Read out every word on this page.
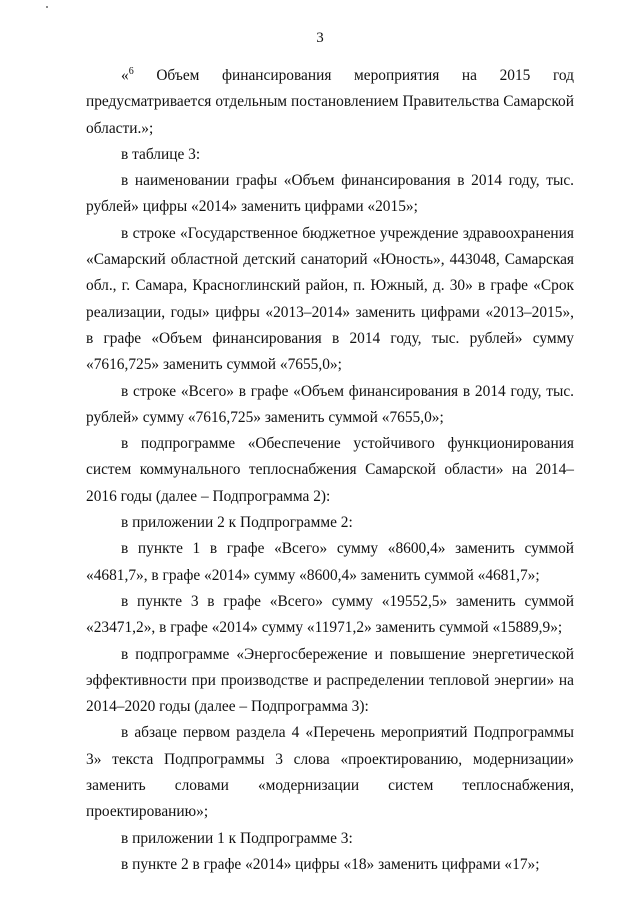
3

«$^6$ Объем финансирования мероприятия на 2015 год предусматривается отдельным постановлением Правительства Самарской области.»;

в таблице 3:

в наименовании графы «Объем финансирования в 2014 году, тыс. рублей» цифры «2014» заменить цифрами «2015»;

в строке «Государственное бюджетное учреждение здравоохранения «Самарский областной детский санаторий «Юность», 443048, Самарская обл., г. Самара, Красноглинский район, п. Южный, д. 30» в графе «Срок реализации, годы» цифры «2013–2014» заменить цифрами «2013–2015», в графе «Объем финансирования в 2014 году, тыс. рублей» сумму «7616,725» заменить суммой «7655,0»;

в строке «Всего» в графе «Объем финансирования в 2014 году, тыс. рублей» сумму «7616,725» заменить суммой «7655,0»;

в подпрограмме «Обеспечение устойчивого функционирования систем коммунального теплоснабжения Самарской области» на 2014–2016 годы (далее – Подпрограмма 2):

в приложении 2 к Подпрограмме 2:

в пункте 1 в графе «Всего» сумму «8600,4» заменить суммой «4681,7», в графе «2014» сумму «8600,4» заменить суммой «4681,7»;

в пункте 3 в графе «Всего» сумму «19552,5» заменить суммой «23471,2», в графе «2014» сумму «11971,2» заменить суммой «15889,9»;

в подпрограмме «Энергосбережение и повышение энергетической эффективности при производстве и распределении тепловой энергии» на 2014–2020 годы (далее – Подпрограмма 3):

в абзаце первом раздела 4 «Перечень мероприятий Подпрограммы 3» текста Подпрограммы 3 слова «проектированию, модернизации» заменить словами «модернизации систем теплоснабжения, проектированию»;

в приложении 1 к Подпрограмме 3:

в пункте 2 в графе «2014» цифры «18» заменить цифрами «17»;
